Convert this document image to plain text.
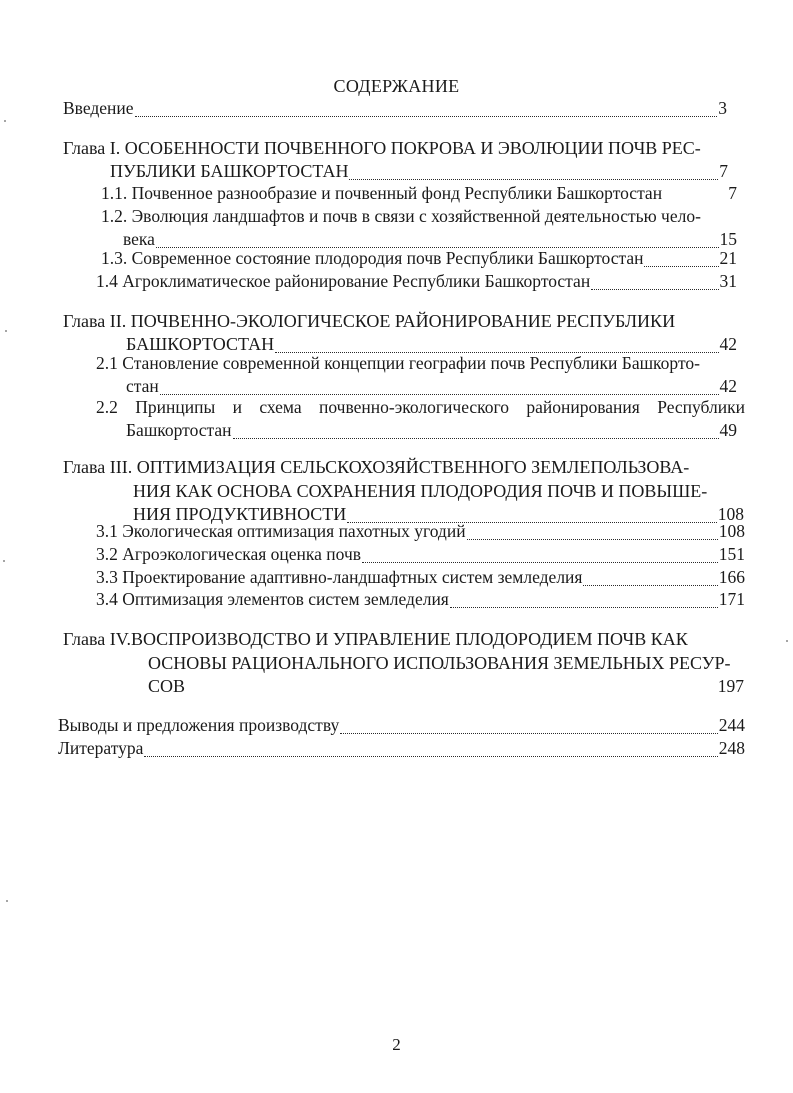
СОДЕРЖАНИЕ
Введение	3
Глава I. ОСОБЕННОСТИ ПОЧВЕННОГО ПОКРОВА И ЭВОЛЮЦИИ ПОЧВ РЕС-
ПУБЛИКИ БАШКОРТОСТАН	7
1.1. Почвенное разнообразие и почвенный фонд Республики Башкортостан	7
1.2. Эволюция ландшафтов и почв в связи с хозяйственной деятельностью чело-
века	15
1.3. Современное состояние плодородия почв Республики Башкортостан	21
1.4 Агроклиматическое районирование Республики Башкортостан	31
Глава II. ПОЧВЕННО-ЭКОЛОГИЧЕСКОЕ РАЙОНИРОВАНИЕ РЕСПУБЛИКИ
БАШКОРТОСТАН	42
2.1 Становление современной концепции географии почв Республики Башкорто-
стан	42
2.2 Принципы и схема почвенно-экологического районирования Республики
Башкортостан	49
Глава III. ОПТИМИЗАЦИЯ СЕЛЬСКОХОЗЯЙСТВЕННОГО ЗЕМЛЕПОЛЬЗОВА-
НИЯ КАК ОСНОВА СОХРАНЕНИЯ ПЛОДОРОДИЯ ПОЧВ И ПОВЫШЕ-
НИЯ ПРОДУКТИВНОСТИ	108
3.1 Экологическая оптимизация пахотных угодий	108
3.2 Агроэкологическая оценка почв	151
3.3 Проектирование адаптивно-ландшафтных систем земледелия	166
3.4 Оптимизация элементов систем земледелия	171
Глава IV.ВОСПРОИЗВОДСТВО И УПРАВЛЕНИЕ ПЛОДОРОДИЕМ ПОЧВ КАК
ОСНОВЫ РАЦИОНАЛЬНОГО ИСПОЛЬЗОВАНИЯ ЗЕМЕЛЬНЫХ РЕСУР-
СОВ	197
Выводы и предложения производству	244
Литература	248
2
